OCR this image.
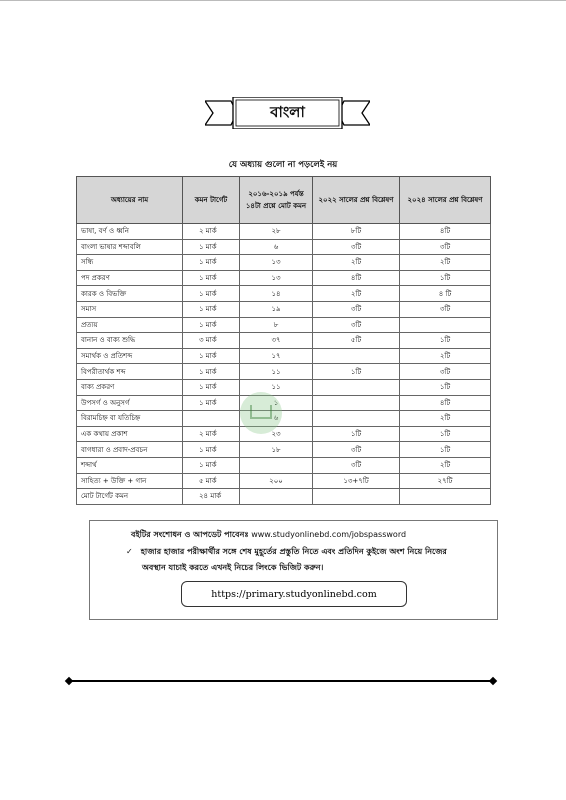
বাংলা
যে অধ্যায় গুলো না পড়লেই নয়
অধ্যায়ের নাম	কমন টার্গেট	২০১৬-২০১৯ পর্যন্ত ১৪টা প্রশ্নে মোট কমন	২০২২ সালের প্রশ্ন বিশ্লেষণ	২০২৪ সালের প্রশ্ন বিশ্লেষণ
ভাষা, বর্ণ ও ধ্বনি	২ মার্ক	২৮	৮টি	৪টি
বাংলা ভাষার শব্দাবলি	১ মার্ক	৬	৩টি	৩টি
সন্ধি	১ মার্ক	১৩	২টি	২টি
পদ প্রকরণ	১ মার্ক	১৩	৪টি	১টি
কারক ও বিভক্তি	১ মার্ক	১৪	২টি	৪ টি
সমাস	১ মার্ক	১৯	৩টি	৩টি
প্রত্যয়	১ মার্ক	৮	৩টি	
বানান ও বাক্য শুদ্ধি	৩ মার্ক	৩৭	৫টি	১টি
সমার্থক ও প্রতিশব্দ	১ মার্ক	১৭		২টি
বিপরীতার্থক শব্দ	১ মার্ক	১১	১টি	৩টি
বাক্য প্রকরণ	১ মার্ক	১১		১টি
উপসর্গ ও অনুসর্গ	১ মার্ক	১		৪টি
বিরামচিহ্ন বা যতিচিহ্ন		৬		২টি
এক কথায় প্রকাশ	২ মার্ক	২৩	১টি	১টি
বাগধারা ও প্রবাদ-প্রবচন	১ মার্ক	১৮	৩টি	১টি
শব্দার্থ	১ মার্ক		৩টি	২টি
সাহিত্য + উক্তি + গান	৫ মার্ক	২০০	১৩+৭টি	২৭টি
মোট টার্গেট কমন	২৪ মার্ক			
বইটির সংশোধন ও আপডেট পাবেনঃ www.studyonlinebd.com/jobspassword
✓ হাজার হাজার পরীক্ষার্থীর সঙ্গে শেষ মুহূর্তের প্রস্তুতি নিতে এবং প্রতিদিন কুইজে অংশ নিয়ে নিজের
অবস্থান যাচাই করতে এখনই নিচের লিংকে ভিজিট করুন।
https://primary.studyonlinebd.com
